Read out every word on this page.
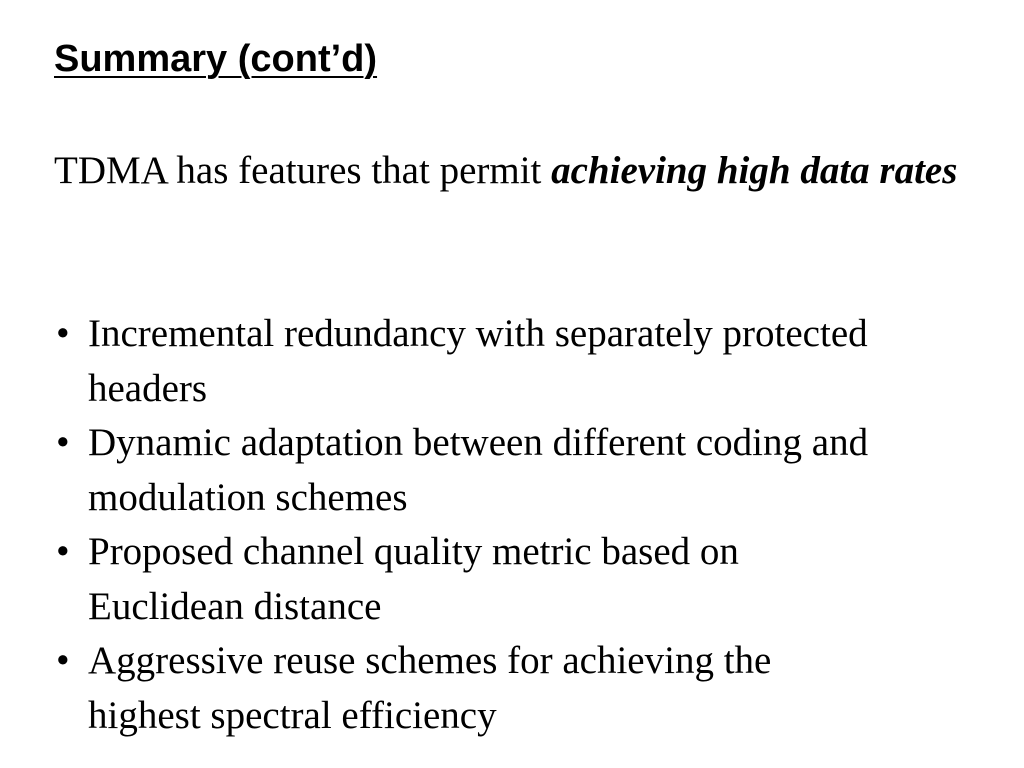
Summary (cont’d)
TDMA has features that permit achieving high data rates
• Incremental redundancy with separately protected
headers
• Dynamic adaptation between different coding and
modulation schemes
• Proposed channel quality metric based on
Euclidean distance
• Aggressive reuse schemes for achieving the
highest spectral efficiency
